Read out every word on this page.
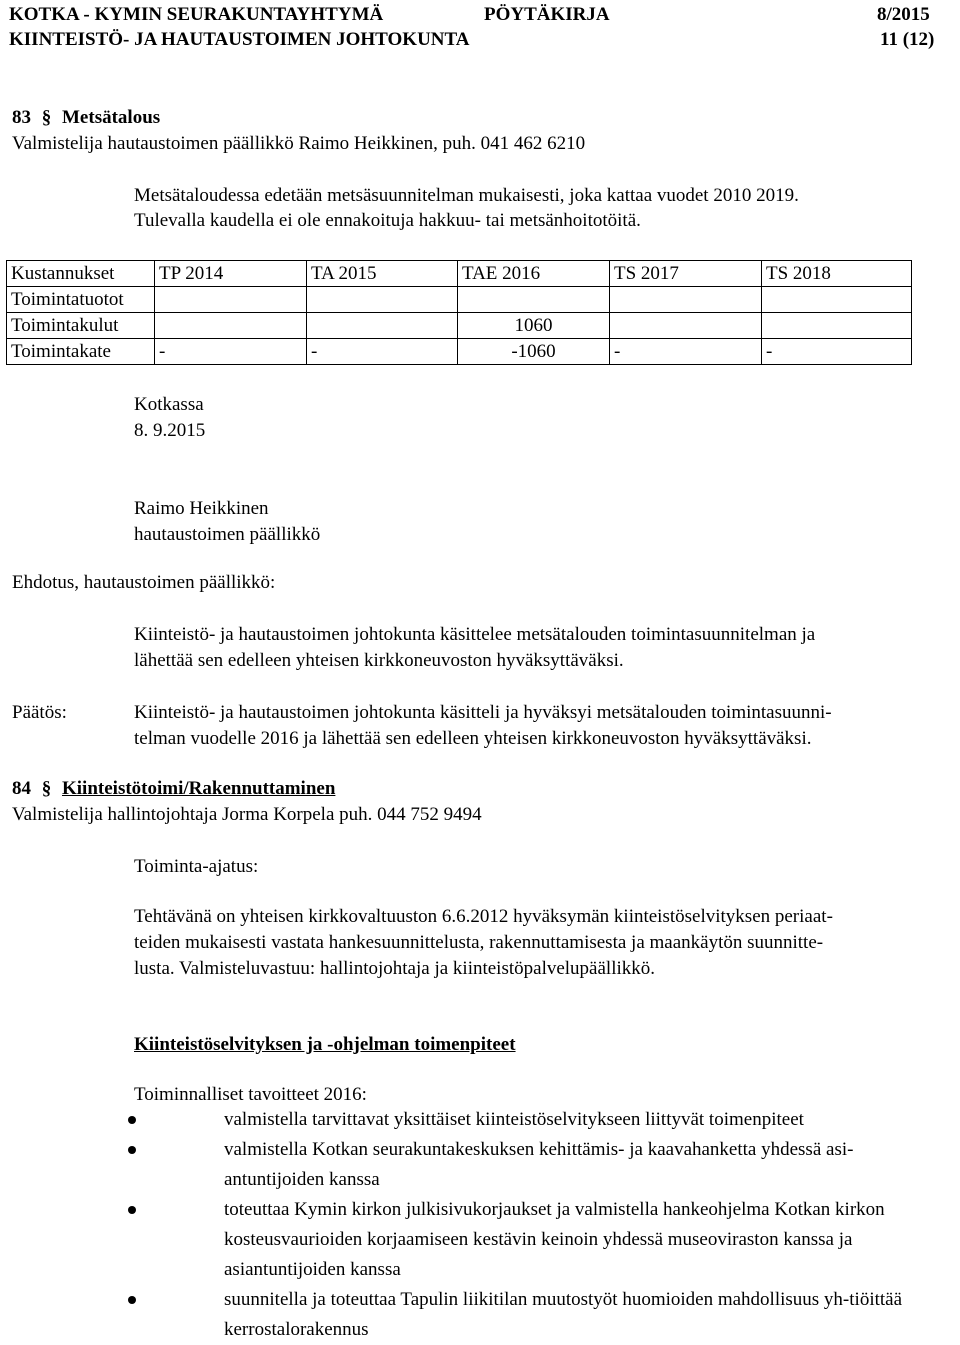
KOTKA - KYMIN SEURAKUNTAYHTYMÄ	PÖYTÄKIRJA	8/2015
KIINTEISTÖ- JA HAUTAUSTOIMEN JOHTOKUNTA	11 (12)
83 § Metsätalous
Valmistelija hautaustoimen päällikkö Raimo Heikkinen, puh. 041 462 6210
Metsätaloudessa edetään metsäsuunnitelman mukaisesti, joka kattaa vuodet 2010 2019.
Tulevalla kaudella ei ole ennakoituja hakkuu- tai metsänhoitotöitä.
Kustannukset	TP 2014	TA 2015	TAE 2016	TS 2017	TS 2018
Toimintatuotot					
Toimintakulut			1060		
Toimintakate	-	-	-1060	-	-
Kotkassa
8. 9.2015
Raimo Heikkinen
hautaustoimen päällikkö
Ehdotus, hautaustoimen päällikkö:
Kiinteistö- ja hautaustoimen johtokunta käsittelee metsätalouden toimintasuunnitelman ja
lähettää sen edelleen yhteisen kirkkoneuvoston hyväksyttäväksi.
Päätös:	Kiinteistö- ja hautaustoimen johtokunta käsitteli ja hyväksyi metsätalouden toimintasuunni-
telman vuodelle 2016 ja lähettää sen edelleen yhteisen kirkkoneuvoston hyväksyttäväksi.
84 § Kiinteistötoimi/Rakennuttaminen
Valmistelija hallintojohtaja Jorma Korpela puh. 044 752 9494
Toiminta-ajatus:
Tehtävänä on yhteisen kirkkovaltuuston 6.6.2012 hyväksymän kiinteistöselvityksen periaat-
teiden mukaisesti vastata hankesuunnittelusta, rakennuttamisesta ja maankäytön suunnitte-
lusta. Valmisteluvastuu: hallintojohtaja ja kiinteistöpalvelupäällikkö.
Kiinteistöselvityksen ja -ohjelman toimenpiteet
Toiminnalliset tavoitteet 2016:
valmistella tarvittavat yksittäiset kiinteistöselvitykseen liittyvät toimenpiteet
valmistella Kotkan seurakuntakeskuksen kehittämis- ja kaavahanketta yhdessä asi-antuntijoiden kanssa
toteuttaa Kymin kirkon julkisivukorjaukset ja valmistella hankeohjelma Kotkan kirkon kosteusvaurioiden korjaamiseen kestävin keinoin yhdessä museoviraston kanssa ja asiantuntijoiden kanssa
suunnitella ja toteuttaa Tapulin liikitilan muutostyöt huomioiden mahdollisuus yh-tiöittää kerrostalorakennus
